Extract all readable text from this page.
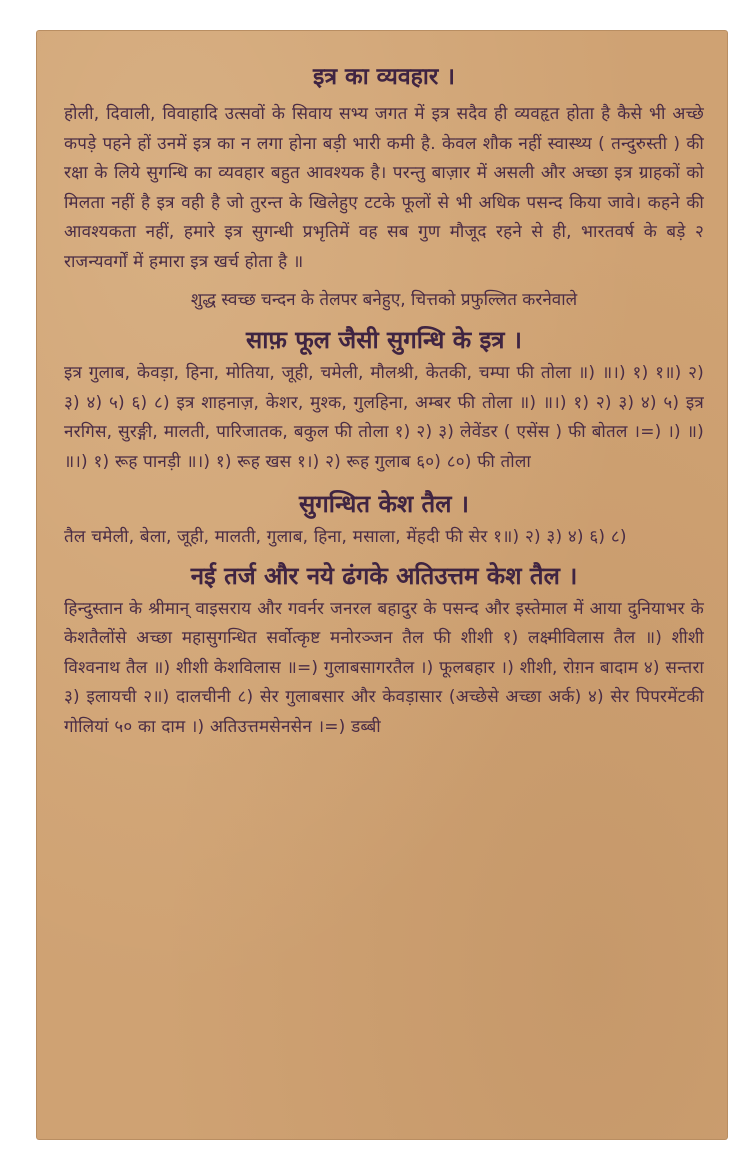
इत्र का व्यवहार ।

होली, दिवाली, विवाहादि उत्सवों के सिवाय सभ्य जगत में इत्र सदैव ही व्यवहृत होता है कैसे भी अच्छे कपड़े पहने हों उनमें इत्र का न लगा होना बड़ी भारी कमी है. केवल शौक नहीं स्वास्थ्य ( तन्दुरुस्ती ) की रक्षा के लिये सुगन्धि का व्यवहार बहुत आवश्यक है। परन्तु बाज़ार में असली और अच्छा इत्र ग्राहकों को मिलता नहीं है इत्र वही है जो तुरन्त के खिलेहुए टटके फूलों से भी अधिक पसन्द किया जावे। कहने की आवश्यकता नहीं, हमारे इत्र सुगन्धी प्रभृतिमें वह सब गुण मौजूद रहने से ही, भारतवर्ष के बड़े २ राजन्यवर्गों में हमारा इत्र खर्च होता है ॥

शुद्ध स्वच्छ चन्दन के तेलपर बनेहुए, चित्तको प्रफुल्लित करनेवाले

साफ़ फूल जैसी सुगन्धि के इत्र ।

इत्र गुलाब, केवड़ा, हिना, मोतिया, जूही, चमेली, मौलश्री, केतकी, चम्पा फी तोला ॥) ॥।) १) १॥) २) ३) ४) ५) ६) ८) इत्र शाहनाज़, केशर, मुश्क, गुलहिना, अम्बर फी तोला ॥) ॥।) १) २) ३) ४) ५) इत्र नरगिस, सुरङ्गी, मालती, पारिजातक, बकुल फी तोला १) २) ३) लेवेंडर ( एसेंस ) फी बोतल ।=) ।) ॥) ॥।) १) रूह पानड़ी ॥।) १) रूह खस १।) २) रूह गुलाब ६०) ८०) फी तोला

सुगन्धित केश तैल ।

तैल चमेली, बेला, जूही, मालती, गुलाब, हिना, मसाला, मेंहदी फी सेर १॥) २) ३) ४) ६) ८)

नई तर्ज और नये ढंगके अतिउत्तम केश तैल ।

हिन्दुस्तान के श्रीमान् वाइसराय और गवर्नर जनरल बहादुर के पसन्द और इस्तेमाल में आया दुनियाभर के केशतैलोंसे अच्छा महासुगन्धित सर्वोत्कृष्ट मनोरञ्जन तैल फी शीशी १) लक्ष्मीविलास तैल ॥) शीशी विश्वनाथ तैल ॥) शीशी केशविलास ॥=) गुलाबसागरतैल ।) फूलबहार ।) शीशी, रोग़न बादाम ४) सन्तरा ३) इलायची २॥) दालचीनी ८) सेर गुलाबसार और केवड़ासार (अच्छेसे अच्छा अर्क) ४) सेर पिपरमेंटकी गोलियां ५० का दाम ।) अतिउत्तमसेनसेन ।=) डब्बी
